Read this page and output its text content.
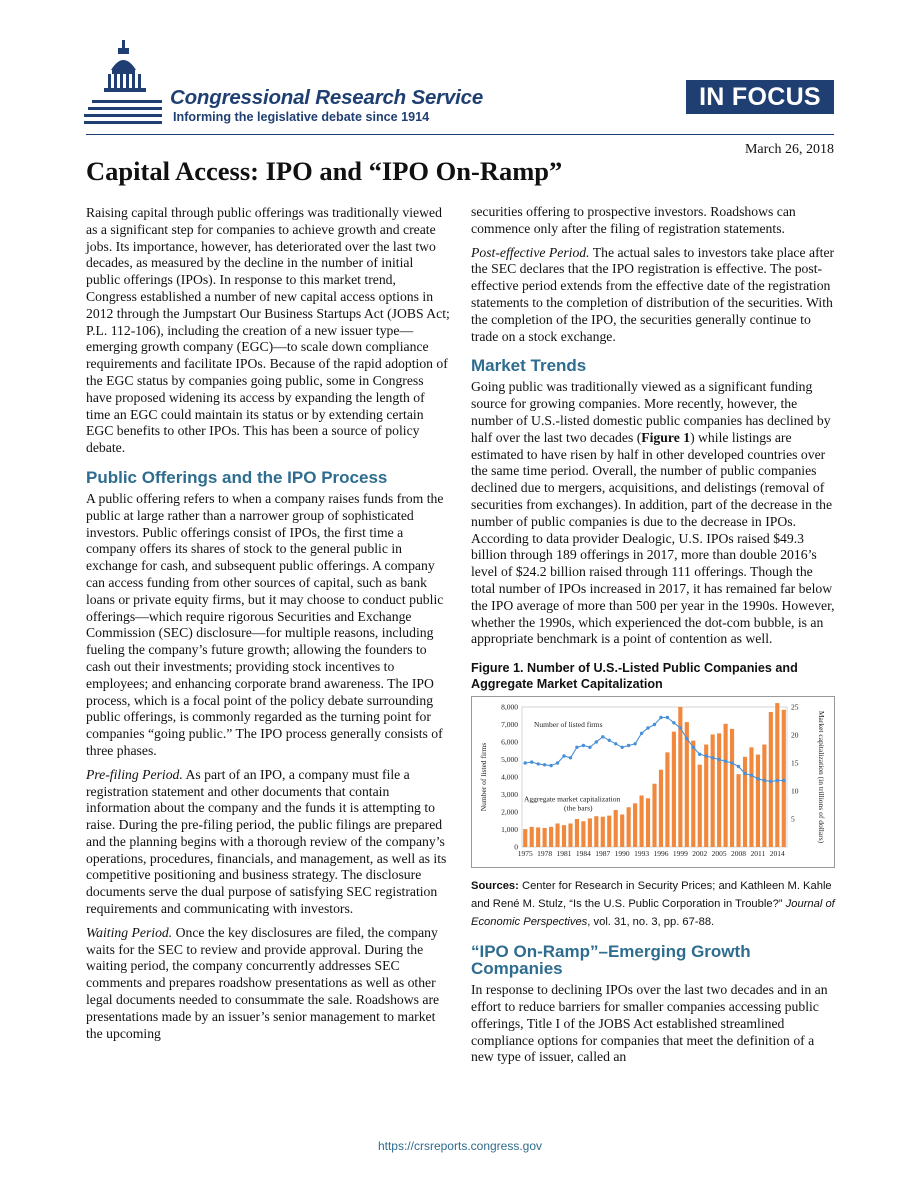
Congressional Research Service
Informing the legislative debate since 1914
IN FOCUS
March 26, 2018
Capital Access: IPO and “IPO On-Ramp”

Raising capital through public offerings was traditionally viewed as a significant step for companies to achieve growth and create jobs. Its importance, however, has deteriorated over the last two decades, as measured by the decline in the number of initial public offerings (IPOs). In response to this market trend, Congress established a number of new capital access options in 2012 through the Jumpstart Our Business Startups Act (JOBS Act; P.L. 112-106), including the creation of a new issuer type—emerging growth company (EGC)—to scale down compliance requirements and facilitate IPOs. Because of the rapid adoption of the EGC status by companies going public, some in Congress have proposed widening its access by expanding the length of time an EGC could maintain its status or by extending certain EGC benefits to other IPOs. This has been a source of policy debate.

Public Offerings and the IPO Process

A public offering refers to when a company raises funds from the public at large rather than a narrower group of sophisticated investors. Public offerings consist of IPOs, the first time a company offers its shares of stock to the general public in exchange for cash, and subsequent public offerings. A company can access funding from other sources of capital, such as bank loans or private equity firms, but it may choose to conduct public offerings—which require rigorous Securities and Exchange Commission (SEC) disclosure—for multiple reasons, including fueling the company’s future growth; allowing the founders to cash out their investments; providing stock incentives to employees; and enhancing corporate brand awareness. The IPO process, which is a focal point of the policy debate surrounding public offerings, is commonly regarded as the turning point for companies “going public.” The IPO process generally consists of three phases.

Pre-filing Period. As part of an IPO, a company must file a registration statement and other documents that contain information about the company and the funds it is attempting to raise. During the pre-filing period, the public filings are prepared and the planning begins with a thorough review of the company’s operations, procedures, financials, and management, as well as its competitive positioning and business strategy. The disclosure documents serve the dual purpose of satisfying SEC registration requirements and communicating with investors.

Waiting Period. Once the key disclosures are filed, the company waits for the SEC to review and provide approval. During the waiting period, the company concurrently addresses SEC comments and prepares roadshow presentations as well as other legal documents needed to consummate the sale. Roadshows are presentations made by an issuer’s senior management to market the upcoming

securities offering to prospective investors. Roadshows can commence only after the filing of registration statements.

Post-effective Period. The actual sales to investors take place after the SEC declares that the IPO registration is effective. The post-effective period extends from the effective date of the registration statements to the completion of distribution of the securities. With the completion of the IPO, the securities generally continue to trade on a stock exchange.

Market Trends

Going public was traditionally viewed as a significant funding source for growing companies. More recently, however, the number of U.S.-listed domestic public companies has declined by half over the last two decades (Figure 1) while listings are estimated to have risen by half in other developed countries over the same time period. Overall, the number of public companies declined due to mergers, acquisitions, and delistings (removal of securities from exchanges). In addition, part of the decrease in the number of public companies is due to the decrease in IPOs. According to data provider Dealogic, U.S. IPOs raised $49.3 billion through 189 offerings in 2017, more than double 2016’s level of $24.2 billion raised through 111 offerings. Though the total number of IPOs increased in 2017, it has remained far below the IPO average of more than 500 per year in the 1990s. However, whether the 1990s, which experienced the dot-com bubble, is an appropriate benchmark is a point of contention as well.

Figure 1. Number of U.S.-Listed Public Companies and Aggregate Market Capitalization
0
1,000
2,000
3,000
4,000
5,000
6,000
7,000
8,000
5
10
15
20
25
1975 1978 1981 1984 1987 1990 1993 1996 1999 2002 2005 2008 2011 2014
Number of listed firms	Market capitalization (in trillions of dollars)
Number of listed firms
Aggregate market capitalization
(the bars)
Sources: Center for Research in Security Prices; and Kathleen M. Kahle and René M. Stulz, “Is the U.S. Public Corporation in Trouble?” Journal of Economic Perspectives, vol. 31, no. 3, pp. 67-88.
“IPO On-Ramp”–Emerging Growth Companies

In response to declining IPOs over the last two decades and in an effort to reduce barriers for smaller companies accessing public offerings, Title I of the JOBS Act established streamlined compliance options for companies that meet the definition of a new type of issuer, called an

https://crsreports.congress.gov
